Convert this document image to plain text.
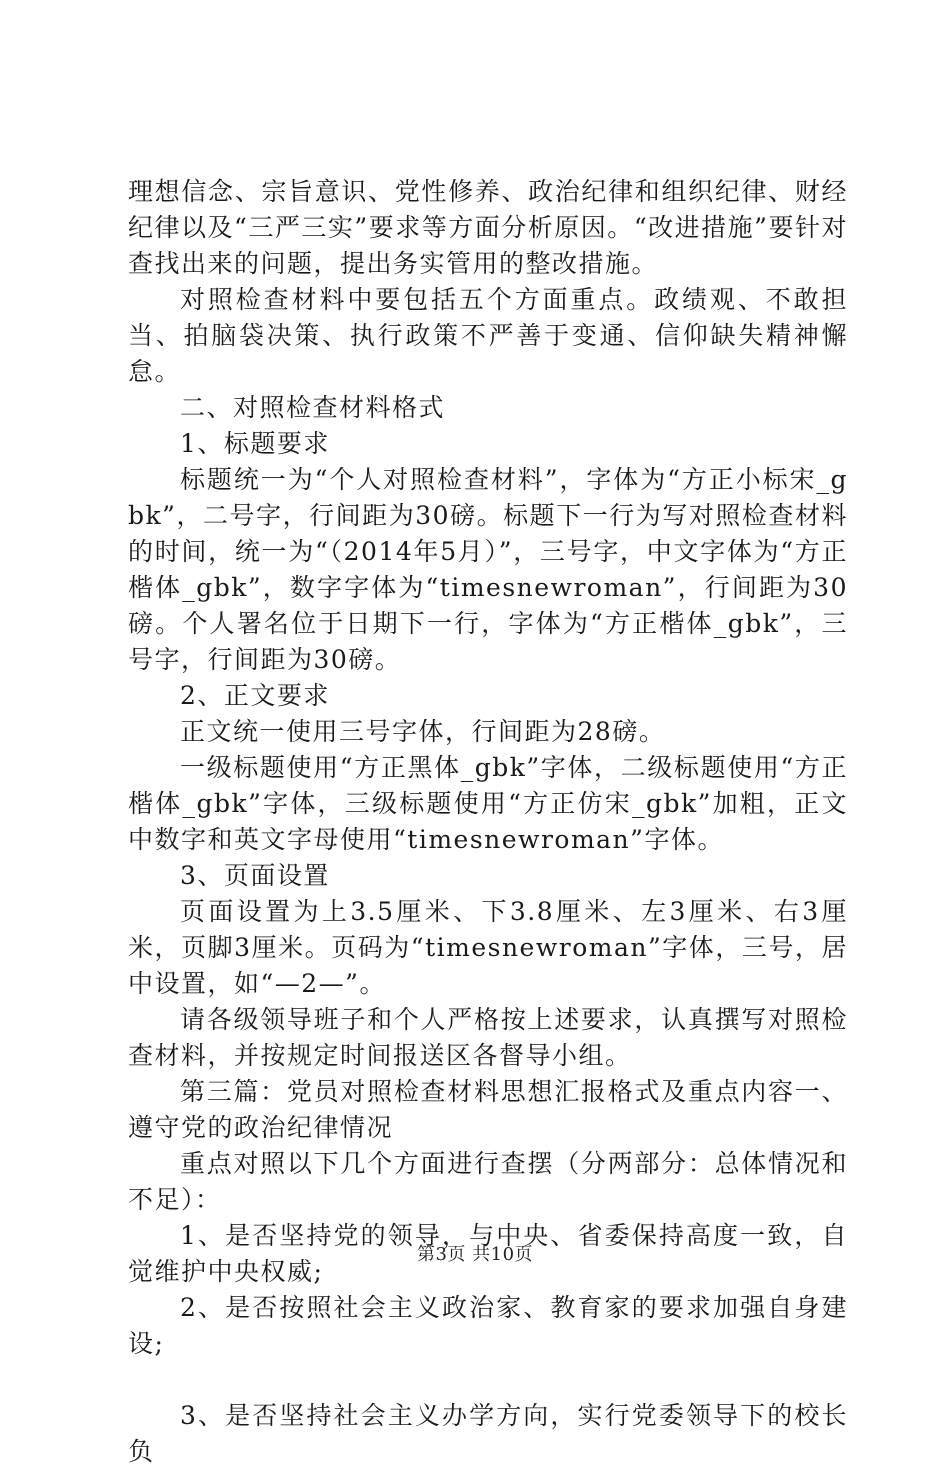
理想信念、宗旨意识、党性修养、政治纪律和组织纪律、财经纪律以及“三严三实”要求等方面分析原因。“改进措施”要针对查找出来的问题，提出务实管用的整改措施。

对照检查材料中要包括五个方面重点。政绩观、不敢担当、拍脑袋决策、执行政策不严善于变通、信仰缺失精神懈怠。

二、对照检查材料格式

1、标题要求

标题统一为“个人对照检查材料”，字体为“方正小标宋_gbk”，二号字，行间距为30磅。标题下一行为写对照检查材料的时间，统一为“（2014年5月）”，三号字，中文字体为“方正楷体_gbk”，数字字体为“timesnewroman”，行间距为30磅。个人署名位于日期下一行，字体为“方正楷体_gbk”，三号字，行间距为30磅。

2、正文要求

正文统一使用三号字体，行间距为28磅。

一级标题使用“方正黑体_gbk”字体，二级标题使用“方正楷体_gbk”字体，三级标题使用“方正仿宋_gbk”加粗，正文中数字和英文字母使用“timesnewroman”字体。

3、页面设置

页面设置为上3.5厘米、下3.8厘米、左3厘米、右3厘米，页脚3厘米。页码为“timesnewroman”字体，三号，居中设置，如“—2—”。

请各级领导班子和个人严格按上述要求，认真撰写对照检查材料，并按规定时间报送区各督导小组。

第三篇：党员对照检查材料思想汇报格式及重点内容一、遵守党的政治纪律情况

重点对照以下几个方面进行查摆（分两部分：总体情况和不足）：

1、是否坚持党的领导，与中央、省委保持高度一致，自觉维护中央权威;

2、是否按照社会主义政治家、教育家的要求加强自身建设;

3、是否坚持社会主义办学方向，实行党委领导下的校长负

第3页 共10页
